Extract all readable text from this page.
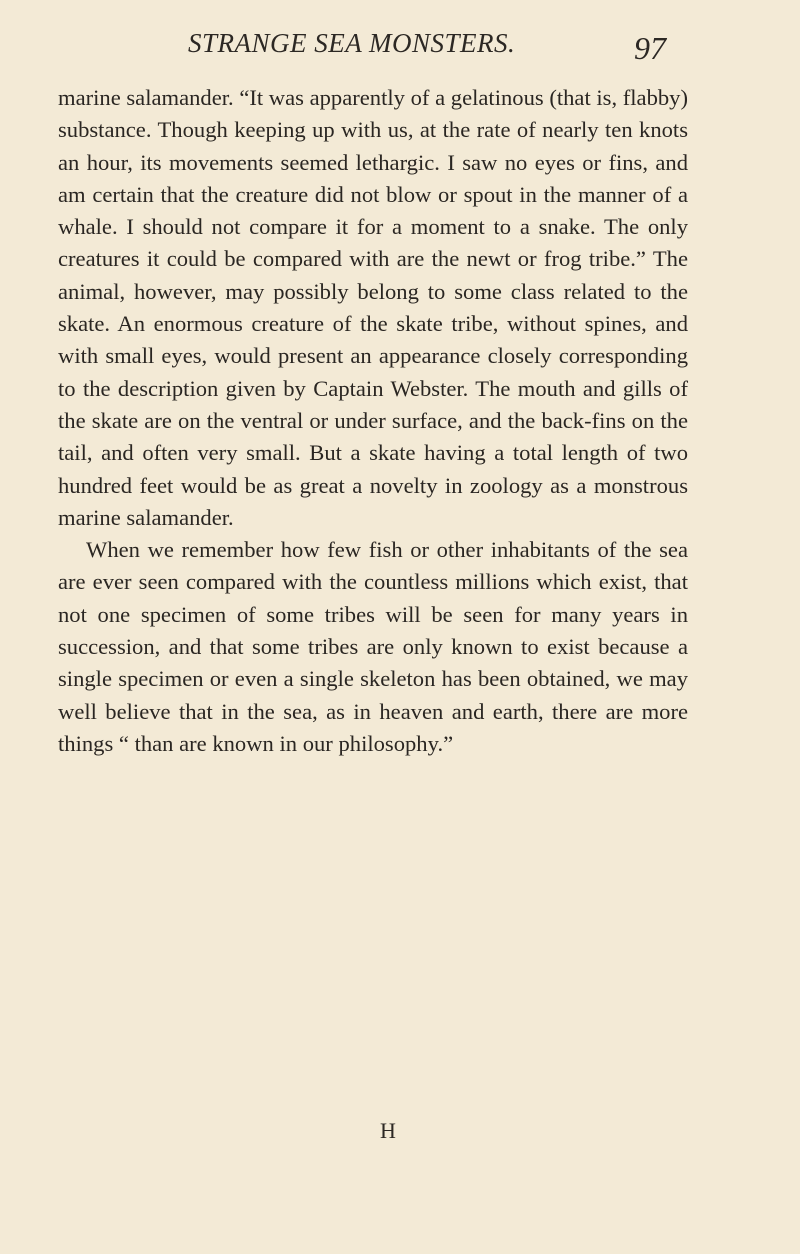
STRANGE SEA MONSTERS.	97

marine salamander. “It was apparently of a gelatinous (that is, flabby) substance. Though keeping up with us, at the rate of nearly ten knots an hour, its movements seemed lethargic. I saw no eyes or fins, and am certain that the creature did not blow or spout in the manner of a whale. I should not compare it for a moment to a snake. The only creatures it could be compared with are the newt or frog tribe.” The animal, however, may possibly belong to some class related to the skate. An enormous creature of the skate tribe, without spines, and with small eyes, would present an appearance closely corresponding to the description given by Captain Webster. The mouth and gills of the skate are on the ventral or under surface, and the back-fins on the tail, and often very small. But a skate having a total length of two hundred feet would be as great a novelty in zoology as a monstrous marine salamander.

When we remember how few fish or other inhabitants of the sea are ever seen compared with the countless millions which exist, that not one specimen of some tribes will be seen for many years in succession, and that some tribes are only known to exist because a single specimen or even a single skeleton has been obtained, we may well believe that in the sea, as in heaven and earth, there are more things “ than are known in our philosophy.”

H
